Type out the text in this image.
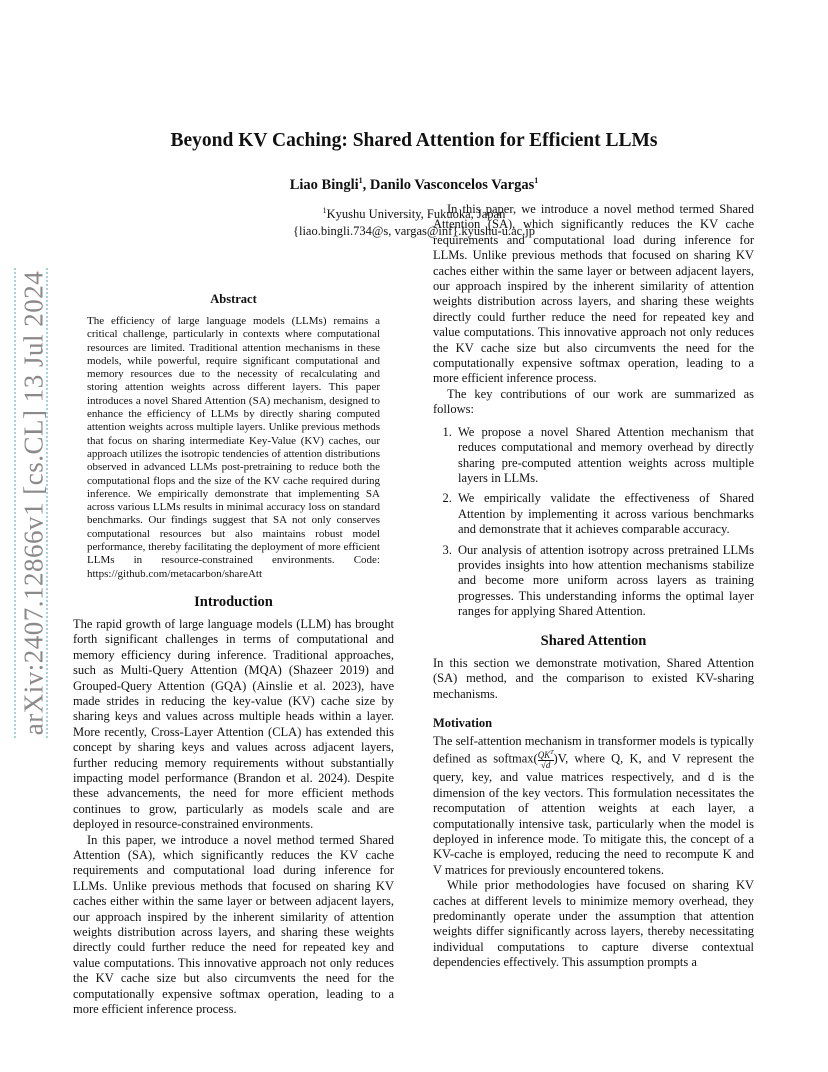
arXiv:2407.12866v1 [cs.CL] 13 Jul 2024
Beyond KV Caching: Shared Attention for Efficient LLMs
Liao Bingli$^1$, Danilo Vasconcelos Vargas$^1$
$^1$Kyushu University, Fukuoka, Japan
{liao.bingli.734@s, vargas@inf}.kyushu-u.ac.jp
Abstract

The efficiency of large language models (LLMs) remains a critical challenge, particularly in contexts where computational resources are limited. Traditional attention mechanisms in these models, while powerful, require significant computational and memory resources due to the necessity of recalculating and storing attention weights across different layers. This paper introduces a novel Shared Attention (SA) mechanism, designed to enhance the efficiency of LLMs by directly sharing computed attention weights across multiple layers. Unlike previous methods that focus on sharing intermediate Key-Value (KV) caches, our approach utilizes the isotropic tendencies of attention distributions observed in advanced LLMs post-pretraining to reduce both the computational flops and the size of the KV cache required during inference. We empirically demonstrate that implementing SA across various LLMs results in minimal accuracy loss on standard benchmarks. Our findings suggest that SA not only conserves computational resources but also maintains robust model performance, thereby facilitating the deployment of more efficient LLMs in resource-constrained environments. Code: https://github.com/metacarbon/shareAtt

Introduction

The rapid growth of large language models (LLM) has brought forth significant challenges in terms of computational and memory efficiency during inference. Traditional approaches, such as Multi-Query Attention (MQA) (Shazeer 2019) and Grouped-Query Attention (GQA) (Ainslie et al. 2023), have made strides in reducing the key-value (KV) cache size by sharing keys and values across multiple heads within a layer. More recently, Cross-Layer Attention (CLA) has extended this concept by sharing keys and values across adjacent layers, further reducing memory requirements without substantially impacting model performance (Brandon et al. 2024). Despite these advancements, the need for more efficient methods continues to grow, particularly as models scale and are deployed in resource-constrained environments.

In this paper, we introduce a novel method termed Shared Attention (SA), which significantly reduces the KV cache requirements and computational load during inference for LLMs. Unlike previous methods that focused on sharing KV caches either within the same layer or between adjacent layers, our approach inspired by the inherent similarity of attention weights distribution across layers, and sharing these weights directly could further reduce the need for repeated key and value computations. This innovative approach not only reduces the KV cache size but also circumvents the need for the computationally expensive softmax operation, leading to a more efficient inference process.

In this paper, we introduce a novel method termed Shared Attention (SA), which significantly reduces the KV cache requirements and computational load during inference for LLMs. Unlike previous methods that focused on sharing KV caches either within the same layer or between adjacent layers, our approach inspired by the inherent similarity of attention weights distribution across layers, and sharing these weights directly could further reduce the need for repeated key and value computations. This innovative approach not only reduces the KV cache size but also circumvents the need for the computationally expensive softmax operation, leading to a more efficient inference process.

The key contributions of our work are summarized as follows:

1. We propose a novel Shared Attention mechanism that reduces computational and memory overhead by directly sharing pre-computed attention weights across multiple layers in LLMs.
2. We empirically validate the effectiveness of Shared Attention by implementing it across various benchmarks and demonstrate that it achieves comparable accuracy.
3. Our analysis of attention isotropy across pretrained LLMs provides insights into how attention mechanisms stabilize and become more uniform across layers as training progresses. This understanding informs the optimal layer ranges for applying Shared Attention.
Shared Attention

In this section we demonstrate motivation, Shared Attention (SA) method, and the comparison to existed KV-sharing mechanisms.

Motivation

The self-attention mechanism in transformer models is typically defined as softmax( $QK^T$
√d )V, where Q, K, and V represent the query, key, and value matrices respectively, and d is the dimension of the key vectors. This formulation necessitates the recomputation of attention weights at each layer, a computationally intensive task, particularly when the model is deployed in inference mode. To mitigate this, the concept of a KV-cache is employed, reducing the need to recompute K and V matrices for previously encountered tokens.

While prior methodologies have focused on sharing KV caches at different levels to minimize memory overhead, they predominantly operate under the assumption that attention weights differ significantly across layers, thereby necessitating individual computations to capture diverse contextual dependencies effectively. This assumption prompts a
